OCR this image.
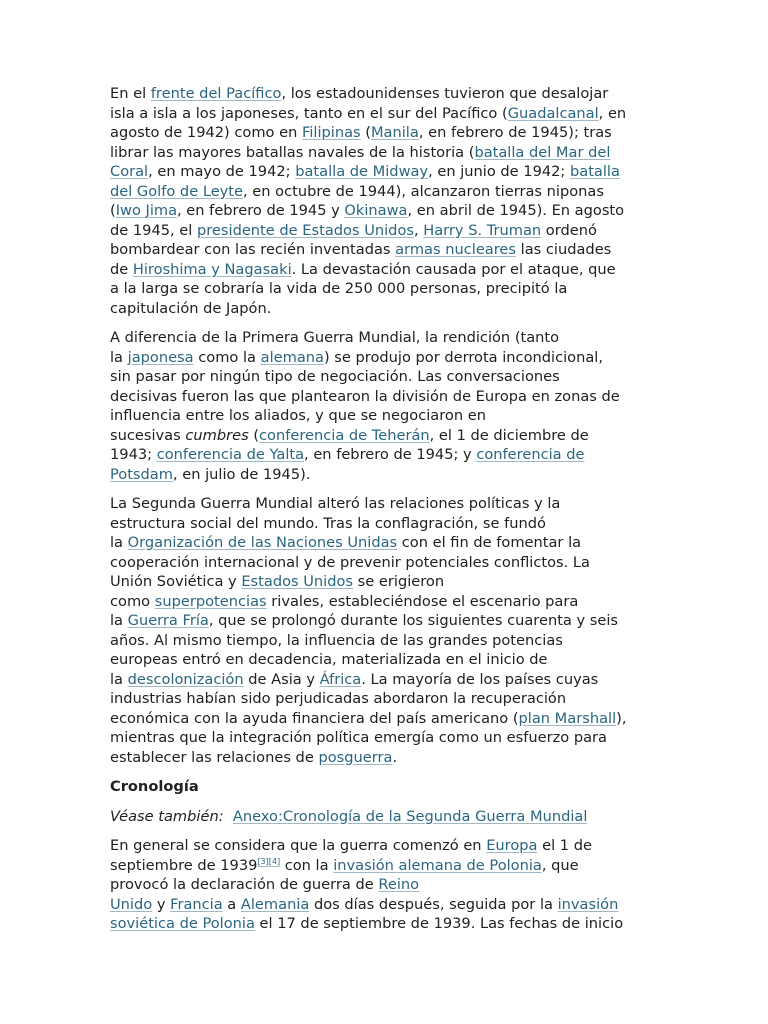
En el frente del Pacífico, los estadounidenses tuvieron que desalojar
isla a isla a los japoneses, tanto en el sur del Pacífico (Guadalcanal, en
agosto de 1942) como en Filipinas (Manila, en febrero de 1945); tras
librar las mayores batallas navales de la historia (batalla del Mar del
Coral, en mayo de 1942; batalla de Midway, en junio de 1942; batalla
del Golfo de Leyte, en octubre de 1944), alcanzaron tierras niponas
(Iwo Jima, en febrero de 1945 y Okinawa, en abril de 1945). En agosto
de 1945, el presidente de Estados Unidos, Harry S. Truman ordenó
bombardear con las recién inventadas armas nucleares las ciudades
de Hiroshima y Nagasaki. La devastación causada por el ataque, que
a la larga se cobraría la vida de 250 000 personas, precipitó la
capitulación de Japón.

A diferencia de la Primera Guerra Mundial, la rendición (tanto
la japonesa como la alemana) se produjo por derrota incondicional,
sin pasar por ningún tipo de negociación. Las conversaciones
decisivas fueron las que plantearon la división de Europa en zonas de
influencia entre los aliados, y que se negociaron en
sucesivas cumbres (conferencia de Teherán, el 1 de diciembre de
1943; conferencia de Yalta, en febrero de 1945; y conferencia de
Potsdam, en julio de 1945).

La Segunda Guerra Mundial alteró las relaciones políticas y la
estructura social del mundo. Tras la conflagración, se fundó
la Organización de las Naciones Unidas con el fin de fomentar la
cooperación internacional y de prevenir potenciales conflictos. La
Unión Soviética y Estados Unidos se erigieron
como superpotencias rivales, estableciéndose el escenario para
la Guerra Fría, que se prolongó durante los siguientes cuarenta y seis
años. Al mismo tiempo, la influencia de las grandes potencias
europeas entró en decadencia, materializada en el inicio de
la descolonización de Asia y África. La mayoría de los países cuyas
industrias habían sido perjudicadas abordaron la recuperación
económica con la ayuda financiera del país americano (plan Marshall),
mientras que la integración política emergía como un esfuerzo para
establecer las relaciones de posguerra.

Cronología

Véase también: Anexo:Cronología de la Segunda Guerra Mundial

En general se considera que la guerra comenzó en Europa el 1 de
septiembre de 1939[3][4] con la invasión alemana de Polonia, que
provocó la declaración de guerra de Reino
Unido y Francia a Alemania dos días después, seguida por la invasión
soviética de Polonia el 17 de septiembre de 1939. Las fechas de inicio
